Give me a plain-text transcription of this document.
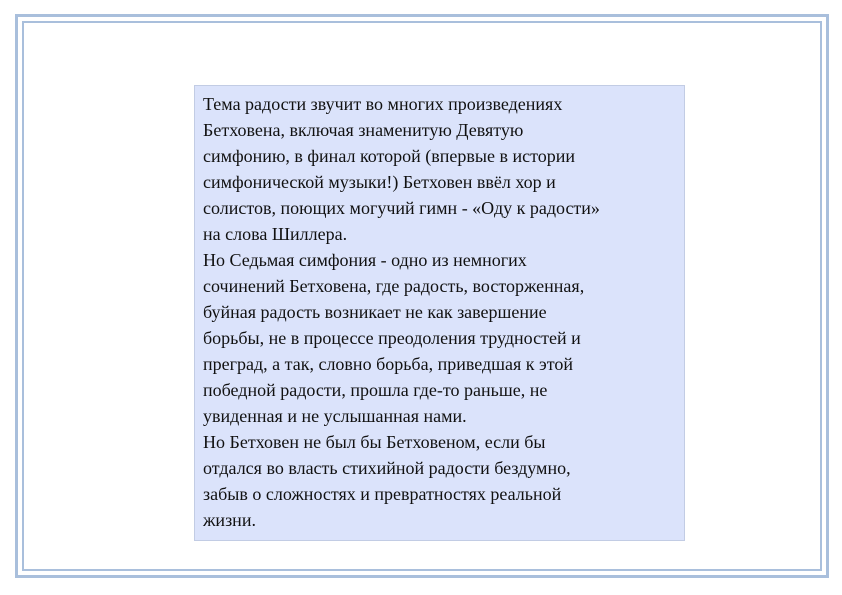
Тема радости звучит во многих произведениях
Бетховена, включая знаменитую Девятую
симфонию, в финал которой (впервые в истории
симфонической музыки!) Бетховен ввёл хор и
солистов, поющих могучий гимн - «Оду к радости»
на слова Шиллера.

Но Седьмая симфония - одно из немногих
сочинений Бетховена, где радость, восторженная,
буйная радость возникает не как завершение
борьбы, не в процессе преодоления трудностей и
преград, а так, словно борьба, приведшая к этой
победной радости, прошла где-то раньше, не
увиденная и не услышанная нами.

Но Бетховен не был бы Бетховеном, если бы
отдался во власть стихийной радости бездумно,
забыв о сложностях и превратностях реальной
жизни.
